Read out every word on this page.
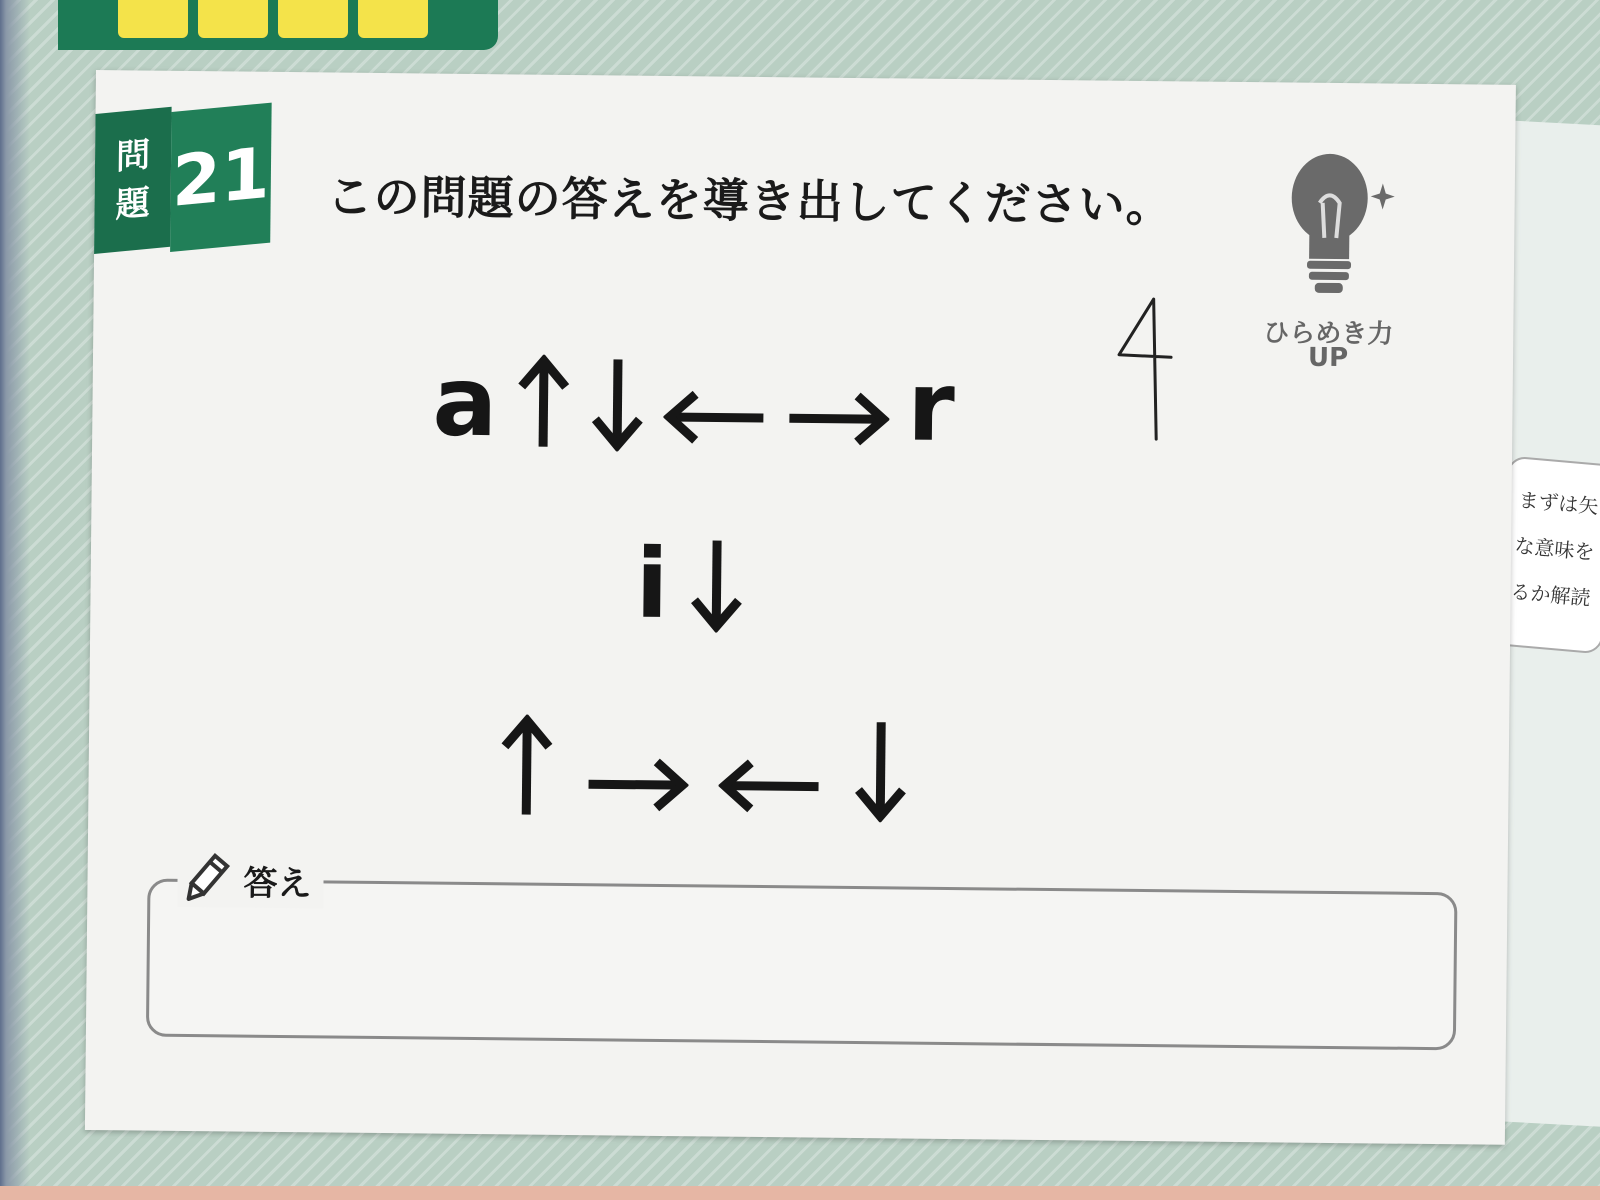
まずは矢
な意味を
るか解読
問
題 21 この問題の答えを導き出してください。
ひらめき力
UP
a	r
i
答え
